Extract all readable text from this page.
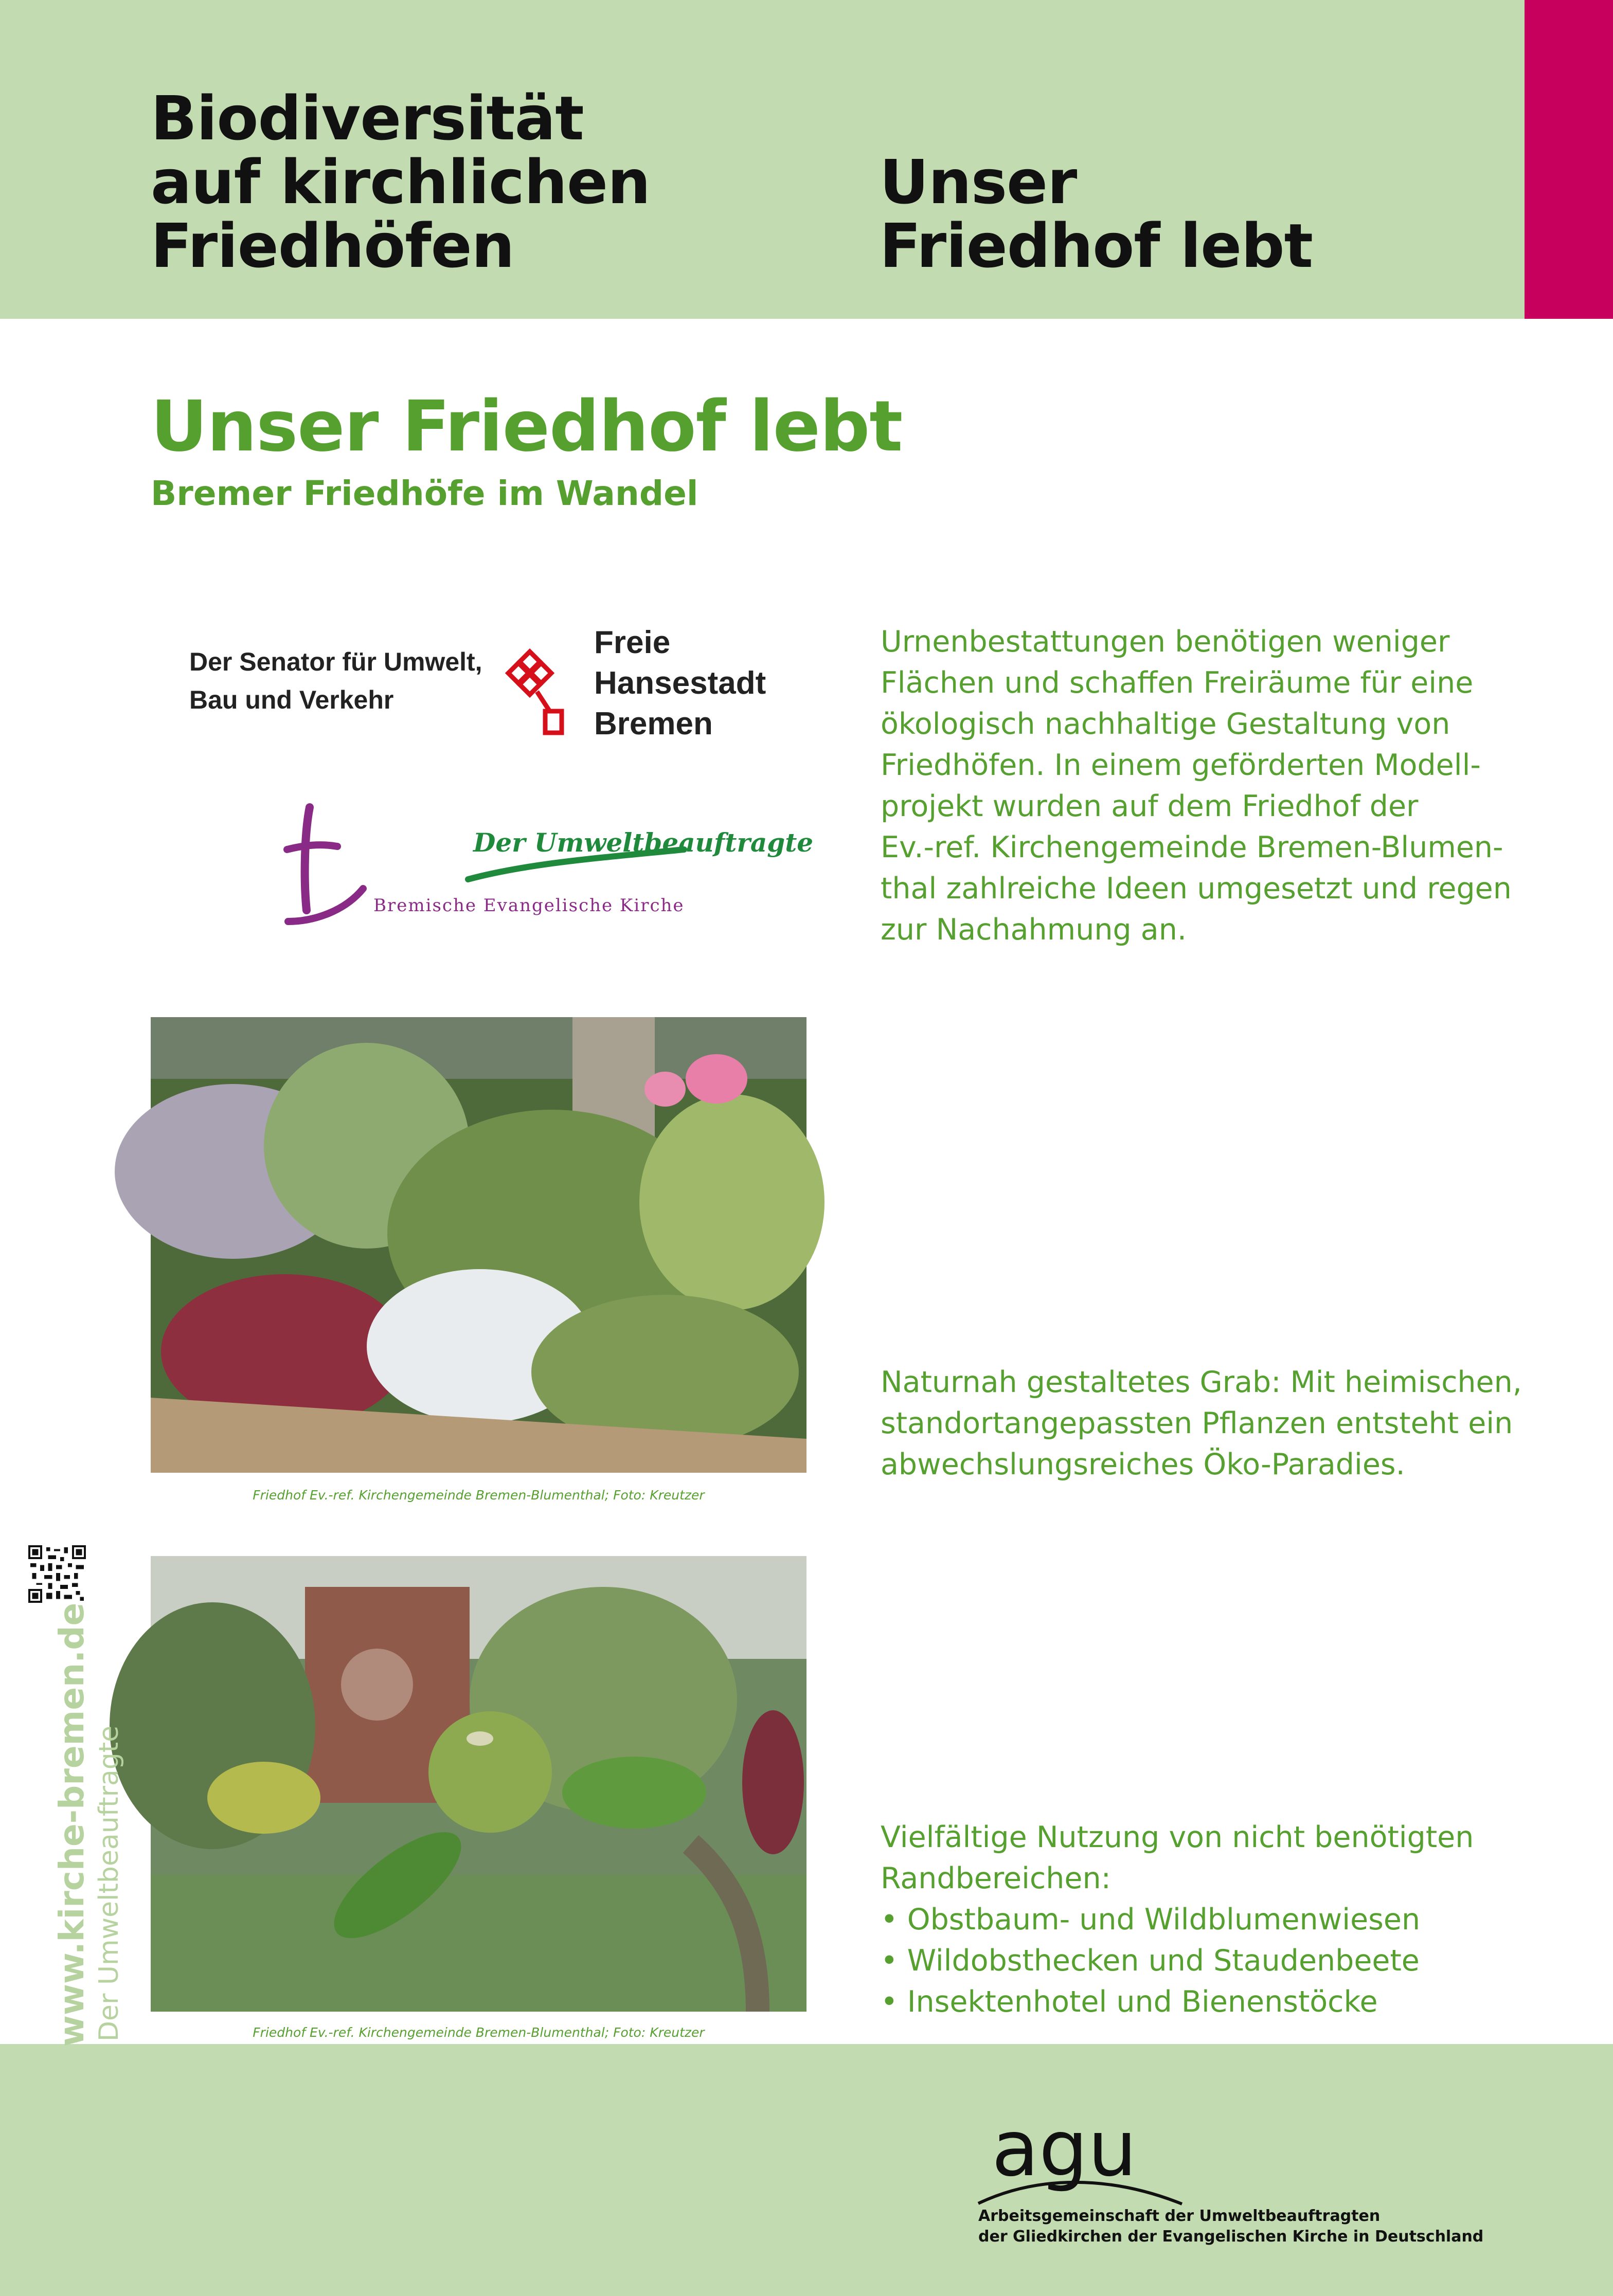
Biodiversität
auf kirchlichen
Friedhöfen
Unser
Friedhof lebt
Unser Friedhof lebt
Bremer Friedhöfe im Wandel
Der Senator für Umwelt,
Bau und Verkehr
Freie
Hansestadt
Bremen
Der Umweltbeauftragte
Bremische Evangelische Kirche

Urnenbestattungen benötigen weniger
Flächen und schaffen Freiräume für eine
ökologisch nachhaltige Gestaltung von
Friedhöfen. In einem geförderten Modell-
projekt wurden auf dem Friedhof der
Ev.-ref. Kirchengemeinde Bremen-Blumen-
thal zahlreiche Ideen umgesetzt und regen
zur Nachahmung an.

Naturnah gestaltetes Grab: Mit heimischen,
standortangepassten Pflanzen entsteht ein
abwechslungsreiches Öko-Paradies.

Vielfältige Nutzung von nicht benötigten
Randbereichen:
• Obstbaum- und Wildblumenwiesen
• Wildobsthecken und Staudenbeete
• Insektenhotel und Bienenstöcke

Friedhof Ev.-ref. Kirchengemeinde Bremen-Blumenthal; Foto: Kreutzer
Friedhof Ev.-ref. Kirchengemeinde Bremen-Blumenthal; Foto: Kreutzer
www.kirche-bremen.de Der Umweltbeauftragte
agu
Arbeitsgemeinschaft der Umweltbeauftragten
der Gliedkirchen der Evangelischen Kirche in Deutschland
